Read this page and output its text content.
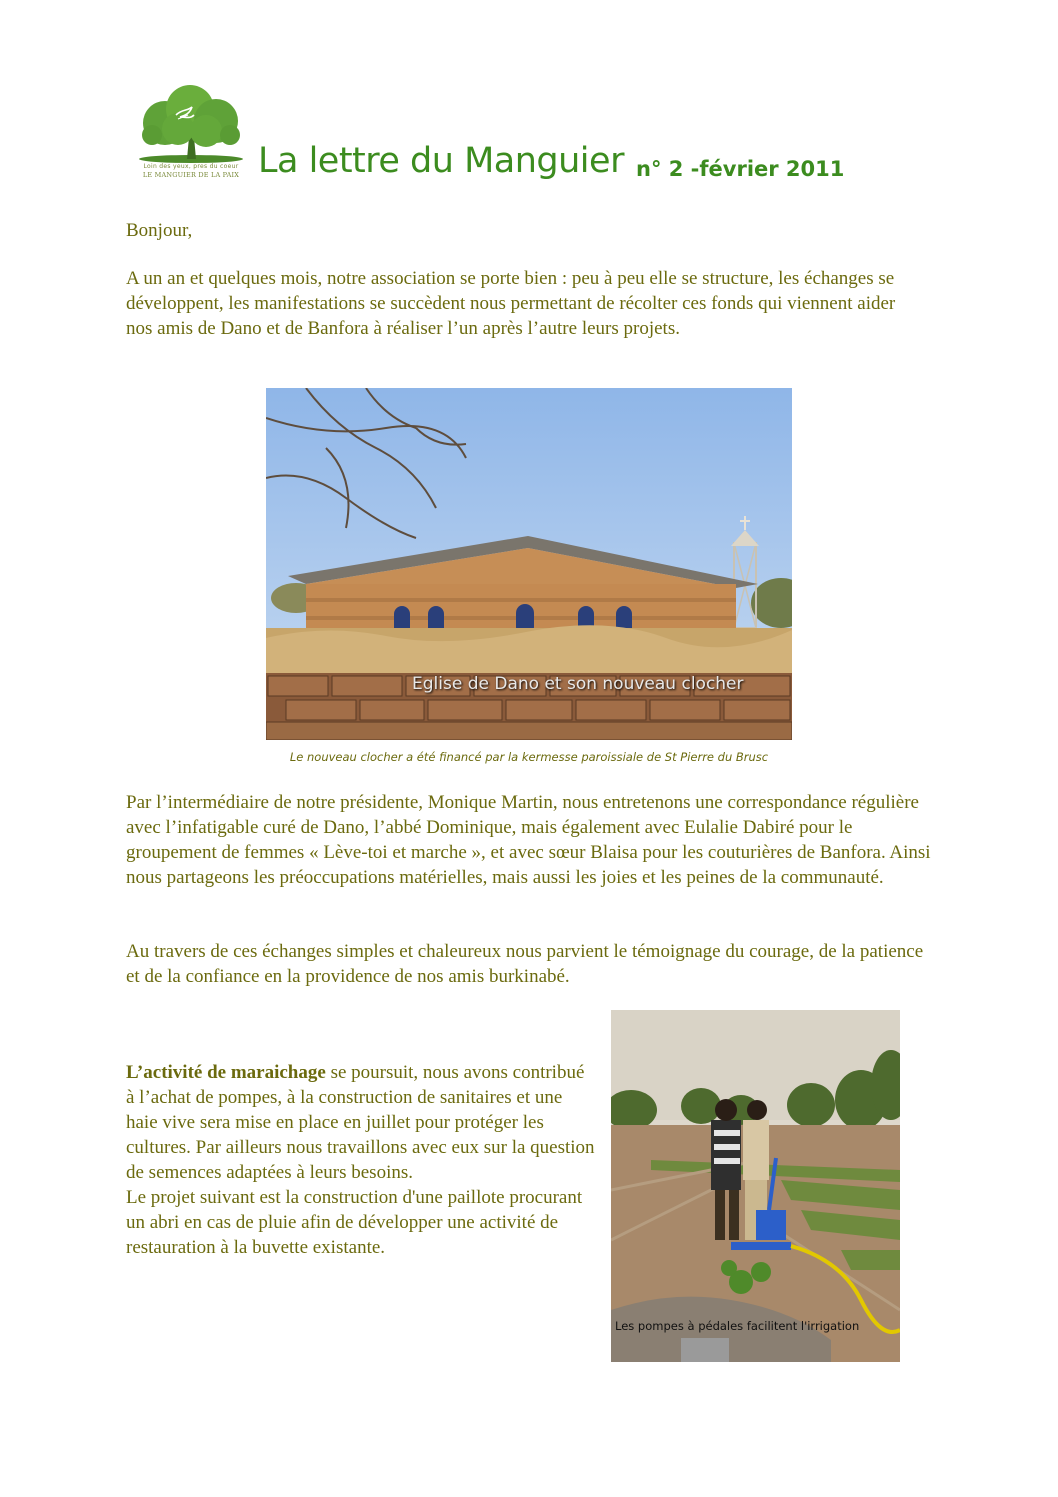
Loin des yeux, pres du coeur
LE MANGUIER DE LA PAIX La lettre du Manguier n° 2 -février 2011

Bonjour,

A un an et quelques mois, notre association se porte bien : peu à peu elle se structure, les échanges se développent, les manifestations se succèdent nous permettant de récolter ces fonds qui viennent aider nos amis de Dano et de Banfora à réaliser l’un après l’autre leurs projets.

Eglise de Dano et son nouveau clocher
Le nouveau clocher a été financé par la kermesse paroissiale de St Pierre du Brusc

Par l’intermédiaire de notre présidente, Monique Martin, nous entretenons une correspondance régulière avec l’infatigable curé de Dano, l’abbé Dominique, mais également avec Eulalie Dabiré pour le groupement de femmes « Lève-toi et marche », et avec sœur Blaisa pour les couturières de Banfora. Ainsi nous partageons les préoccupations matérielles, mais aussi les joies et les peines de la communauté.

Au travers de ces échanges simples et chaleureux nous parvient le témoignage du courage, de la patience et de la confiance en la providence de nos amis burkinabé.

L’activité de maraichage se poursuit, nous avons contribué à l’achat de pompes, à la construction de sanitaires et une haie vive sera mise en place en juillet pour protéger les cultures. Par ailleurs nous travaillons avec eux sur la question de semences adaptées à leurs besoins.
Le projet suivant est la construction d'une paillote procurant un abri en cas de pluie afin de développer une activité de restauration à la buvette existante.

Les pompes à pédales facilitent l'irrigation
